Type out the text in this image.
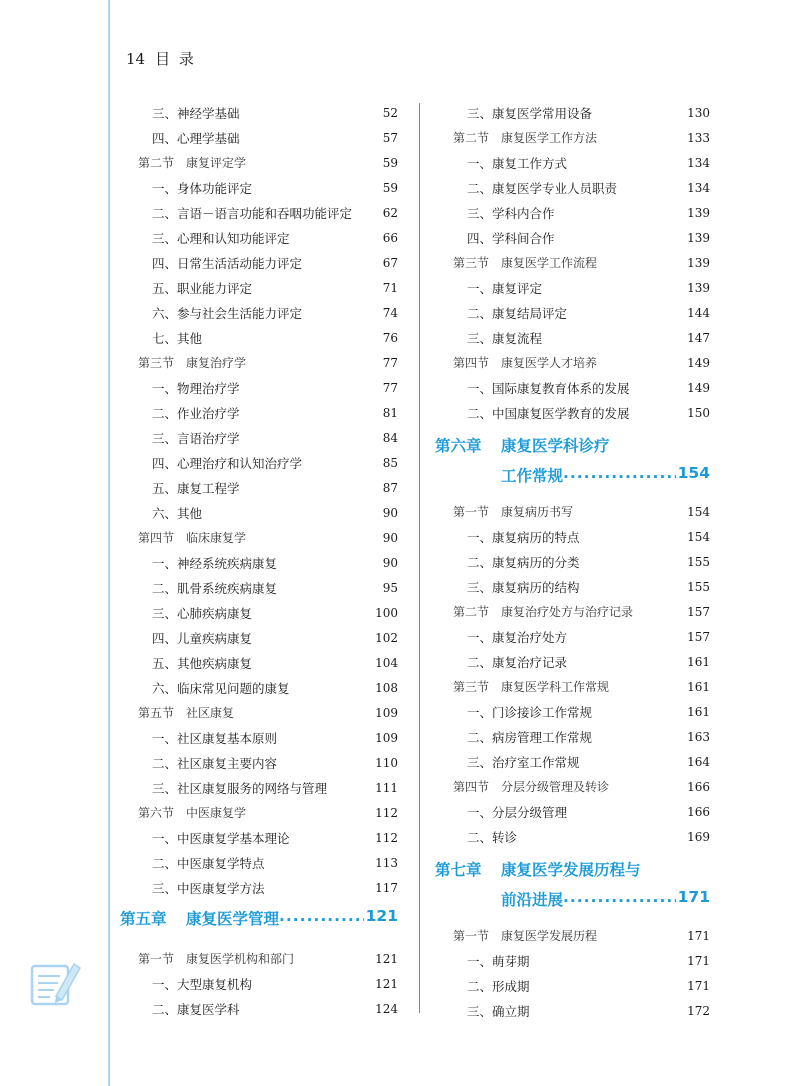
14 目 录
三、神经学基础	52
四、心理学基础	57
第二节　康复评定学	59
一、身体功能评定	59
二、言语－语言功能和吞咽功能评定	62
三、心理和认知功能评定	66
四、日常生活活动能力评定	67
五、职业能力评定	71
六、参与社会生活能力评定	74
七、其他	76
第三节　康复治疗学	77
一、物理治疗学	77
二、作业治疗学	81
三、言语治疗学	84
四、心理治疗和认知治疗学	85
五、康复工程学	87
六、其他	90
第四节　临床康复学	90
一、神经系统疾病康复	90
二、肌骨系统疾病康复	95
三、心肺疾病康复	100
四、儿童疾病康复	102
五、其他疾病康复	104
六、临床常见问题的康复	108
第五节　社区康复	109
一、社区康复基本原则	109
二、社区康复主要内容	110
三、社区康复服务的网络与管理	111
第六节　中医康复学	112
一、中医康复学基本理论	112
二、中医康复学特点	113
三、中医康复学方法	117
第五章 康复医学管理 .....	121
第一节　康复医学机构和部门	121
一、大型康复机构	121
二、康复医学科	124
三、康复医学常用设备	130
第二节　康复医学工作方法	133
一、康复工作方式	134
二、康复医学专业人员职责	134
三、学科内合作	139
四、学科间合作	139
第三节　康复医学工作流程	139
一、康复评定	139
二、康复结局评定	144
三、康复流程	147
第四节　康复医学人才培养	149
一、国际康复教育体系的发展	149
二、中国康复医学教育的发展	150
第六章 康复医学科诊疗
工作常规 .....	154
第一节　康复病历书写	154
一、康复病历的特点	154
二、康复病历的分类	155
三、康复病历的结构	155
第二节　康复治疗处方与治疗记录	157
一、康复治疗处方	157
二、康复治疗记录	161
第三节　康复医学科工作常规	161
一、门诊接诊工作常规	161
二、病房管理工作常规	163
三、治疗室工作常规	164
第四节　分层分级管理及转诊	166
一、分层分级管理	166
二、转诊	169
第七章 康复医学发展历程与
前沿进展 .....	171
第一节　康复医学发展历程	171
一、萌芽期	171
二、形成期	171
三、确立期	172
